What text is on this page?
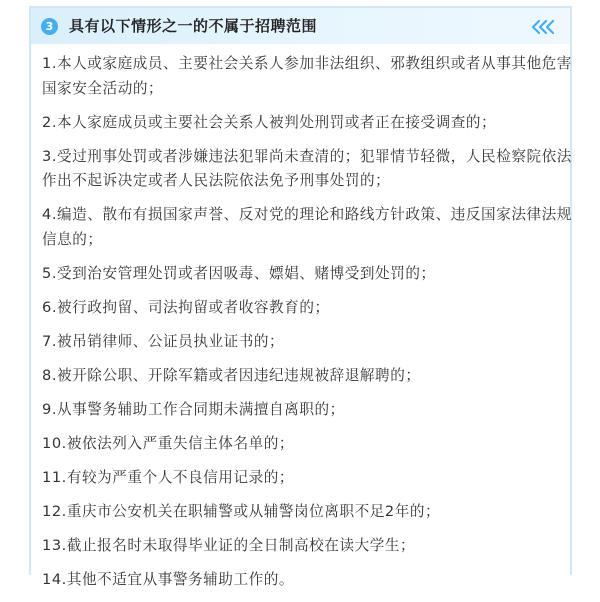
3	具有以下情形之一的不属于招聘范围
1.本人或家庭成员、主要社会关系人参加非法组织、邪教组织或者从事其他危害国家安全活动的；
2.本人家庭成员或主要社会关系人被判处刑罚或者正在接受调查的；
3.受过刑事处罚或者涉嫌违法犯罪尚未查清的；犯罪情节轻微，人民检察院依法作出不起诉决定或者人民法院依法免予刑事处罚的；
4.编造、散布有损国家声誉、反对党的理论和路线方针政策、违反国家法律法规信息的；
5.受到治安管理处罚或者因吸毒、嫖娼、赌博受到处罚的；
6.被行政拘留、司法拘留或者收容教育的；
7.被吊销律师、公证员执业证书的；
8.被开除公职、开除军籍或者因违纪违规被辞退解聘的；
9.从事警务辅助工作合同期未满擅自离职的；
10.被依法列入严重失信主体名单的；
11.有较为严重个人不良信用记录的；
12.重庆市公安机关在职辅警或从辅警岗位离职不足2年的；
13.截止报名时未取得毕业证的全日制高校在读大学生；
14.其他不适宜从事警务辅助工作的。
